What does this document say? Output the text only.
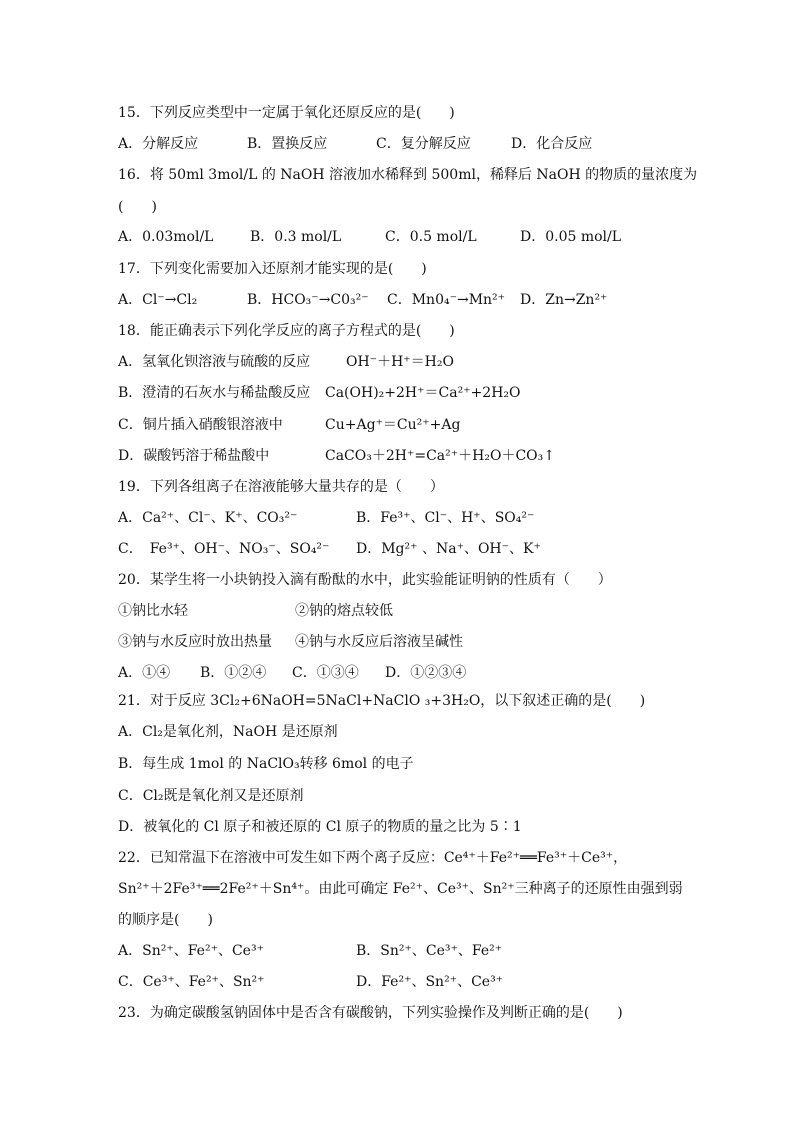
15．下列反应类型中一定属于氧化还原反应的是(　　)
A．分解反应	B．置换反应	C．复分解反应	D．化合反应
16．将 50ml 3mol/L 的 NaOH 溶液加水稀释到 500ml，稀释后 NaOH 的物质的量浓度为
(　　)
A．0.03mol/L	B．0.3 mol/L	C．0.5 mol/L	D．0.05 mol/L
17．下列变化需要加入还原剂才能实现的是(　　)
A．Cl⁻→Cl₂	B．HCO₃⁻→C0₃²⁻ C．Mn0₄⁻→Mn²⁺ D．Zn→Zn²⁺
18．能正确表示下列化学反应的离子方程式的是(　　)
A．氢氧化钡溶液与硫酸的反应	OH⁻＋H⁺＝H₂O
B．澄清的石灰水与稀盐酸反应 Ca(OH)₂+2H⁺＝Ca²⁺+2H₂O
C．铜片插入硝酸银溶液中	Cu+Ag⁺＝Cu²⁺+Ag
D．碳酸钙溶于稀盐酸中	CaCO₃＋2H⁺=Ca²⁺＋H₂O＋CO₃↑
19．下列各组离子在溶液能够大量共存的是（　　）
A．Ca²⁺、Cl⁻、K⁺、CO₃²⁻	B．Fe³⁺、Cl⁻、H⁺、SO₄²⁻
C．　Fe³⁺、OH⁻、NO₃⁻、SO₄²⁻ D．Mg²⁺ 、Na⁺、OH⁻、K⁺
20．某学生将一小块钠投入滴有酚酞的水中，此实验能证明钠的性质有（　　）
①钠比水轻	②钠的熔点较低
③钠与水反应时放出热量 ④钠与水反应后溶液呈碱性
A．①④ B．①②④ C．①③④ D．①②③④
21．对于反应 3Cl₂+6NaOH=5NaCl+NaClO ₃+3H₂O，以下叙述正确的是(　　)
A．Cl₂是氧化剂，NaOH 是还原剂
B．每生成 1mol 的 NaClO₃转移 6mol 的电子
C．Cl₂既是氧化剂又是还原剂
D．被氧化的 Cl 原子和被还原的 Cl 原子的物质的量之比为 5∶1
22．已知常温下在溶液中可发生如下两个离子反应：Ce⁴⁺＋Fe²⁺══Fe³⁺＋Ce³⁺，
Sn²⁺＋2Fe³⁺══2Fe²⁺＋Sn⁴⁺。由此可确定 Fe²⁺、Ce³⁺、Sn²⁺三种离子的还原性由强到弱
的顺序是(　　)
A．Sn²⁺、Fe²⁺、Ce³⁺	B．Sn²⁺、Ce³⁺、Fe²⁺
C．Ce³⁺、Fe²⁺、Sn²⁺	D．Fe²⁺、Sn²⁺、Ce³⁺
23．为确定碳酸氢钠固体中是否含有碳酸钠，下列实验操作及判断正确的是(　　)
